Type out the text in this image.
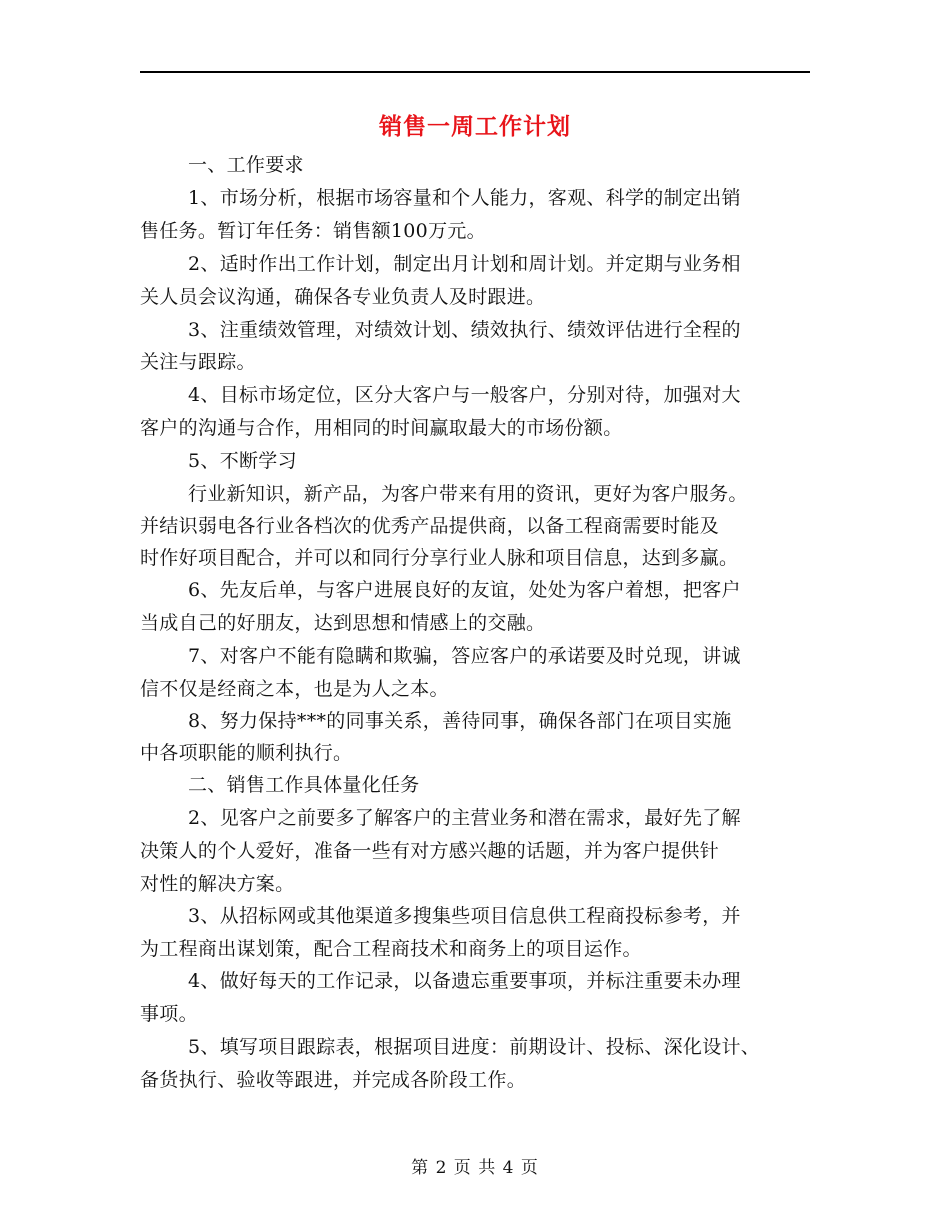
销售一周工作计划
一、工作要求
1、市场分析，根据市场容量和个人能力，客观、科学的制定出销
售任务。暂订年任务：销售额100万元。
2、适时作出工作计划，制定出月计划和周计划。并定期与业务相
关人员会议沟通，确保各专业负责人及时跟进。
3、注重绩效管理，对绩效计划、绩效执行、绩效评估进行全程的
关注与跟踪。
4、目标市场定位，区分大客户与一般客户，分别对待，加强对大
客户的沟通与合作，用相同的时间赢取最大的市场份额。
5、不断学习
行业新知识，新产品，为客户带来有用的资讯，更好为客户服务。
并结识弱电各行业各档次的优秀产品提供商，以备工程商需要时能及
时作好项目配合，并可以和同行分享行业人脉和项目信息，达到多赢。
6、先友后单，与客户进展良好的友谊，处处为客户着想，把客户
当成自己的好朋友，达到思想和情感上的交融。
7、对客户不能有隐瞒和欺骗，答应客户的承诺要及时兑现，讲诚
信不仅是经商之本，也是为人之本。
8、努力保持***的同事关系，善待同事，确保各部门在项目实施
中各项职能的顺利执行。
二、销售工作具体量化任务
2、见客户之前要多了解客户的主营业务和潜在需求，最好先了解
决策人的个人爱好，准备一些有对方感兴趣的话题，并为客户提供针
对性的解决方案。
3、从招标网或其他渠道多搜集些项目信息供工程商投标参考，并
为工程商出谋划策，配合工程商技术和商务上的项目运作。
4、做好每天的工作记录，以备遗忘重要事项，并标注重要未办理
事项。
5、填写项目跟踪表，根据项目进度：前期设计、投标、深化设计、
备货执行、验收等跟进，并完成各阶段工作。
第 2 页 共 4 页
